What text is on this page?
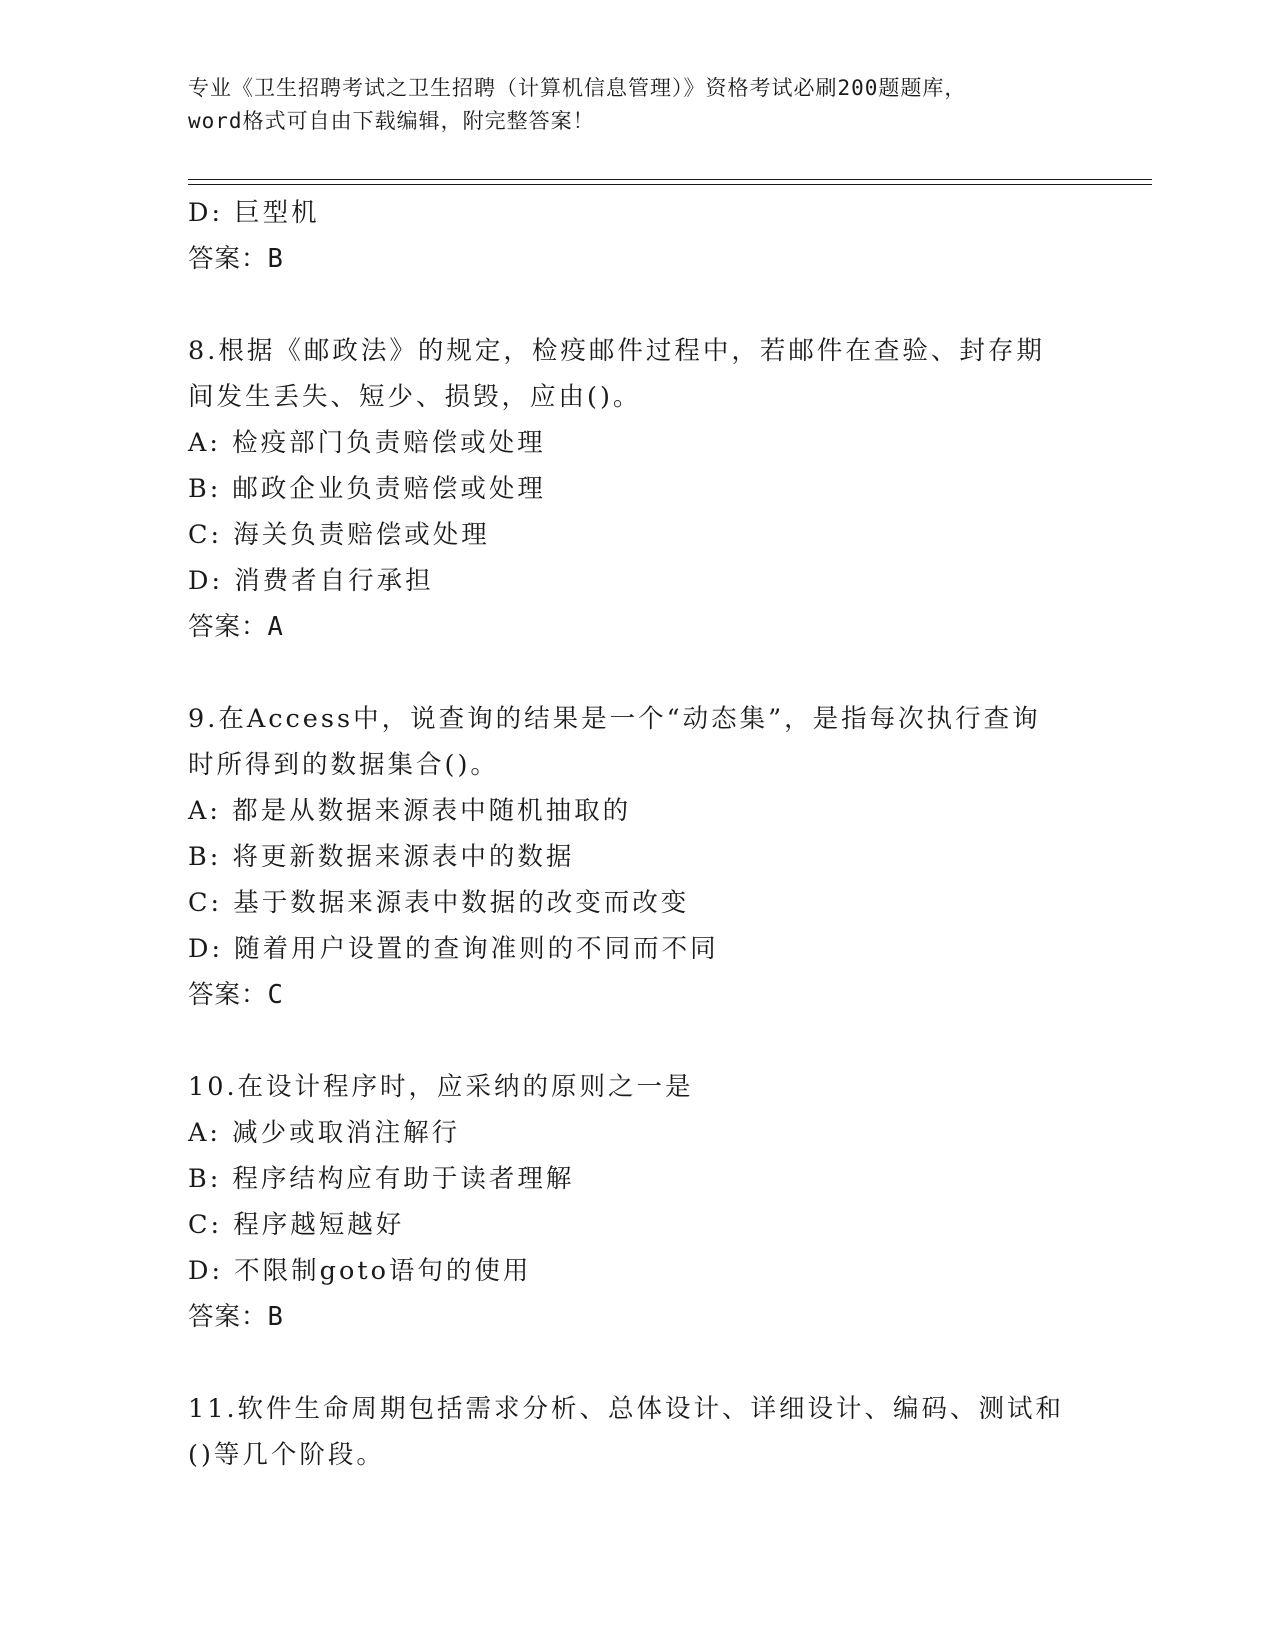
专业《卫生招聘考试之卫生招聘（计算机信息管理）》资格考试必刷200题题库，
word格式可自由下载编辑，附完整答案！
D: 巨型机
答案：B
8.根据《邮政法》的规定，检疫邮件过程中，若邮件在查验、封存期
间发生丢失、短少、损毁，应由()。
A: 检疫部门负责赔偿或处理
B: 邮政企业负责赔偿或处理
C: 海关负责赔偿或处理
D: 消费者自行承担
答案：A
9.在Access中，说查询的结果是一个“动态集”，是指每次执行查询
时所得到的数据集合()。
A: 都是从数据来源表中随机抽取的
B: 将更新数据来源表中的数据
C: 基于数据来源表中数据的改变而改变
D: 随着用户设置的查询准则的不同而不同
答案：C
10.在设计程序时，应采纳的原则之一是
A: 减少或取消注解行
B: 程序结构应有助于读者理解
C: 程序越短越好
D: 不限制goto语句的使用
答案：B
11.软件生命周期包括需求分析、总体设计、详细设计、编码、测试和
()等几个阶段。
